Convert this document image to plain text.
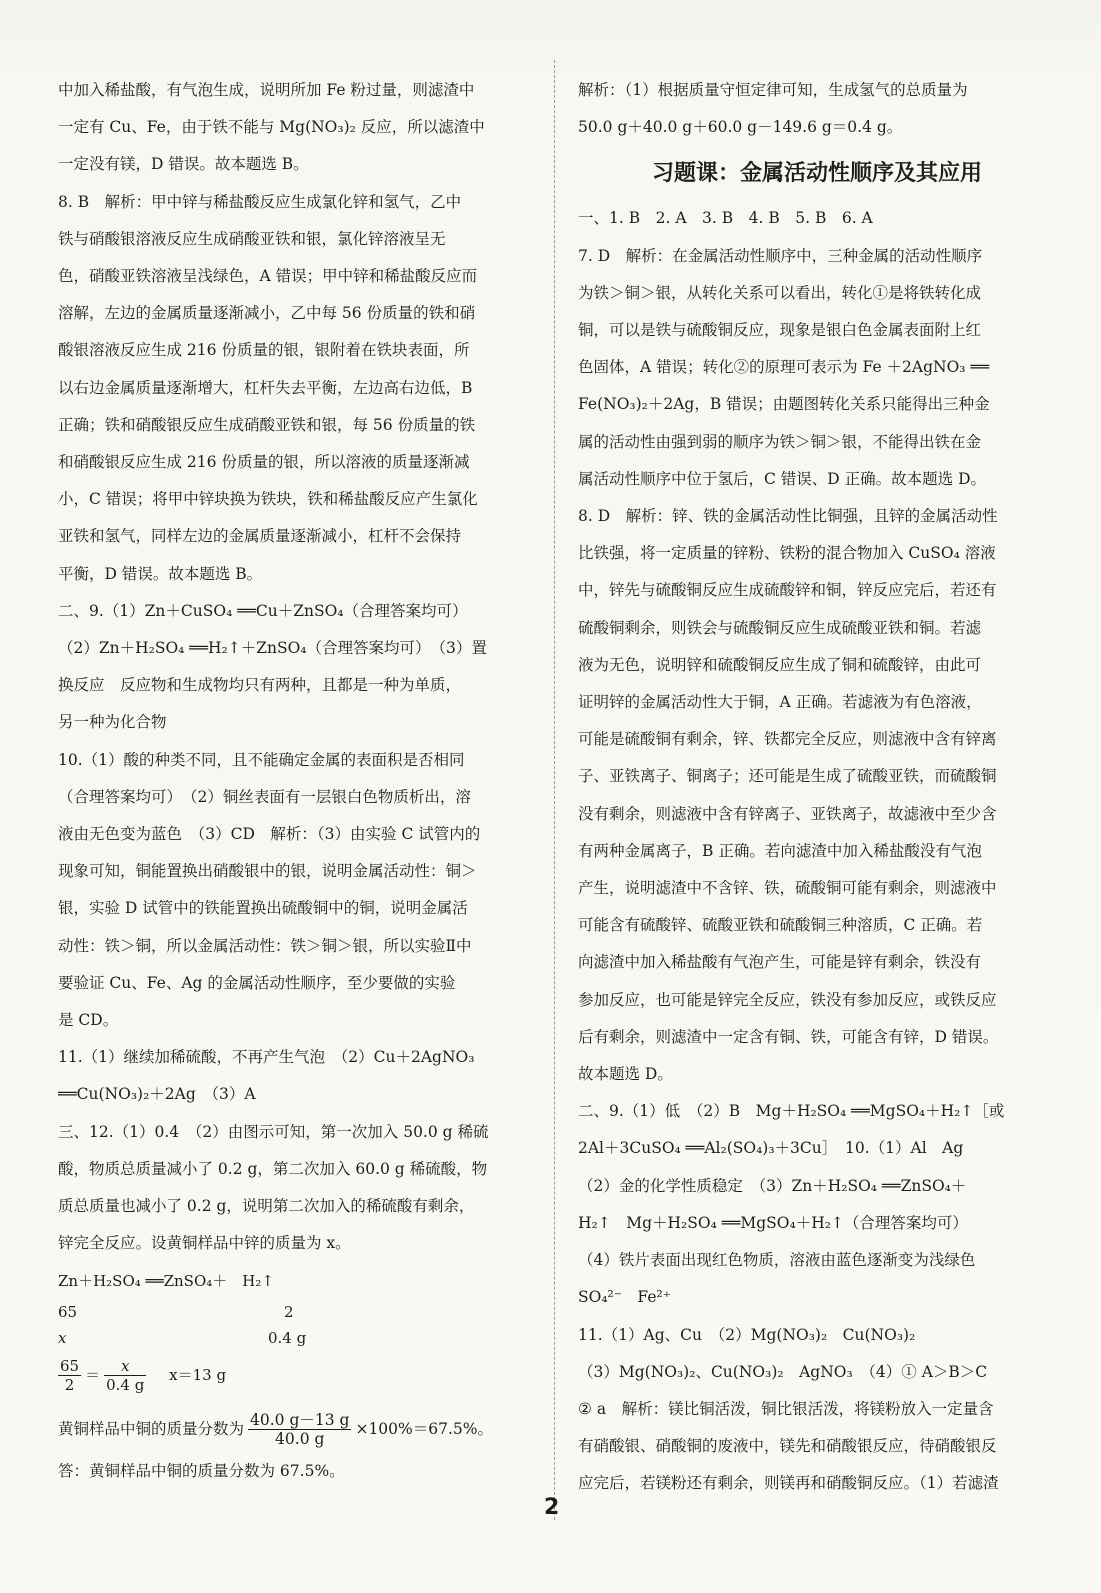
中加入稀盐酸，有气泡生成，说明所加 Fe 粉过量，则滤渣中
一定有 Cu、Fe，由于铁不能与 Mg(NO₃)₂ 反应，所以滤渣中
一定没有镁，D 错误。故本题选 B。
8. B　解析：甲中锌与稀盐酸反应生成氯化锌和氢气，乙中
铁与硝酸银溶液反应生成硝酸亚铁和银，氯化锌溶液呈无
色，硝酸亚铁溶液呈浅绿色，A 错误；甲中锌和稀盐酸反应而
溶解，左边的金属质量逐渐减小，乙中每 56 份质量的铁和硝
酸银溶液反应生成 216 份质量的银，银附着在铁块表面，所
以右边金属质量逐渐增大，杠杆失去平衡，左边高右边低，B
正确；铁和硝酸银反应生成硝酸亚铁和银，每 56 份质量的铁
和硝酸银反应生成 216 份质量的银，所以溶液的质量逐渐减
小，C 错误；将甲中锌块换为铁块，铁和稀盐酸反应产生氯化
亚铁和氢气，同样左边的金属质量逐渐减小，杠杆不会保持
平衡，D 错误。故本题选 B。
二、9.（1）Zn＋CuSO₄ ══Cu＋ZnSO₄（合理答案均可）
（2）Zn＋H₂SO₄ ══H₂↑＋ZnSO₄（合理答案均可）　（3）置
换反应　反应物和生成物均只有两种，且都是一种为单质，
另一种为化合物
10.（1）酸的种类不同，且不能确定金属的表面积是否相同
（合理答案均可）　（2）铜丝表面有一层银白色物质析出，溶
液由无色变为蓝色　（3）CD　解析：（3）由实验 C 试管内的
现象可知，铜能置换出硝酸银中的银，说明金属活动性：铜＞
银，实验 D 试管中的铁能置换出硫酸铜中的铜，说明金属活
动性：铁＞铜，所以金属活动性：铁＞铜＞银，所以实验Ⅱ中
要验证 Cu、Fe、Ag 的金属活动性顺序，至少要做的实验
是 CD。
11.（1）继续加稀硫酸，不再产生气泡　（2）Cu＋2AgNO₃
══Cu(NO₃)₂＋2Ag　（3）A
三、12.（1）0.4　（2）由图示可知，第一次加入 50.0 g 稀硫
酸，物质总质量减小了 0.2 g，第二次加入 60.0 g 稀硫酸，物
质总质量也减小了 0.2 g，说明第二次加入的稀硫酸有剩余，
锌完全反应。设黄铜样品中锌的质量为 x。
Zn＋H₂SO₄ ══ZnSO₄＋　H₂↑
65	2
x	0.4 g
$\frac{65}{2} = \frac{x}{0.4 g} x=13$ g
黄铜样品中铜的质量分数为 $\frac{40.0 g-13 g}{40.0 g} \times 100\%=67.5\%$。
答：黄铜样品中铜的质量分数为 67.5%。
解析：（1）根据质量守恒定律可知，生成氢气的总质量为
50.0 g＋40.0 g＋60.0 g－149.6 g＝0.4 g。
习题课：金属活动性顺序及其应用
一、1. B　2. A　3. B　4. B　5. B　6. A
7. D　解析：在金属活动性顺序中，三种金属的活动性顺序
为铁＞铜＞银，从转化关系可以看出，转化①是将铁转化成
铜，可以是铁与硫酸铜反应，现象是银白色金属表面附上红
色固体，A 错误；转化②的原理可表示为 Fe ＋2AgNO₃ ══
Fe(NO₃)₂＋2Ag，B 错误；由题图转化关系只能得出三种金
属的活动性由强到弱的顺序为铁＞铜＞银，不能得出铁在金
属活动性顺序中位于氢后，C 错误、D 正确。故本题选 D。
8. D　解析：锌、铁的金属活动性比铜强，且锌的金属活动性
比铁强，将一定质量的锌粉、铁粉的混合物加入 CuSO₄ 溶液
中，锌先与硫酸铜反应生成硫酸锌和铜，锌反应完后，若还有
硫酸铜剩余，则铁会与硫酸铜反应生成硫酸亚铁和铜。若滤
液为无色，说明锌和硫酸铜反应生成了铜和硫酸锌，由此可
证明锌的金属活动性大于铜，A 正确。若滤液为有色溶液，
可能是硫酸铜有剩余，锌、铁都完全反应，则滤液中含有锌离
子、亚铁离子、铜离子；还可能是生成了硫酸亚铁，而硫酸铜
没有剩余，则滤液中含有锌离子、亚铁离子，故滤液中至少含
有两种金属离子，B 正确。若向滤渣中加入稀盐酸没有气泡
产生，说明滤渣中不含锌、铁，硫酸铜可能有剩余，则滤液中
可能含有硫酸锌、硫酸亚铁和硫酸铜三种溶质，C 正确。若
向滤渣中加入稀盐酸有气泡产生，可能是锌有剩余，铁没有
参加反应，也可能是锌完全反应，铁没有参加反应，或铁反应
后有剩余，则滤渣中一定含有铜、铁，可能含有锌，D 错误。
故本题选 D。
二、9.（1）低　（2）B　Mg＋H₂SO₄ ══MgSO₄＋H₂↑［或
2Al＋3CuSO₄ ══Al₂(SO₄)₃＋3Cu］　10.（1）Al　Ag
（2）金的化学性质稳定　（3）Zn＋H₂SO₄ ══ZnSO₄＋
H₂↑　Mg＋H₂SO₄ ══MgSO₄＋H₂↑（合理答案均可）
（4）铁片表面出现红色物质，溶液由蓝色逐渐变为浅绿色
SO₄²⁻　Fe²⁺
11.（1）Ag、Cu　（2）Mg(NO₃)₂　Cu(NO₃)₂
（3）Mg(NO₃)₂、Cu(NO₃)₂　AgNO₃　（4）① A＞B＞C
② a　解析：镁比铜活泼，铜比银活泼，将镁粉放入一定量含
有硝酸银、硝酸铜的废液中，镁先和硝酸银反应，待硝酸银反
应完后，若镁粉还有剩余，则镁再和硝酸铜反应。（1）若滤渣
2
